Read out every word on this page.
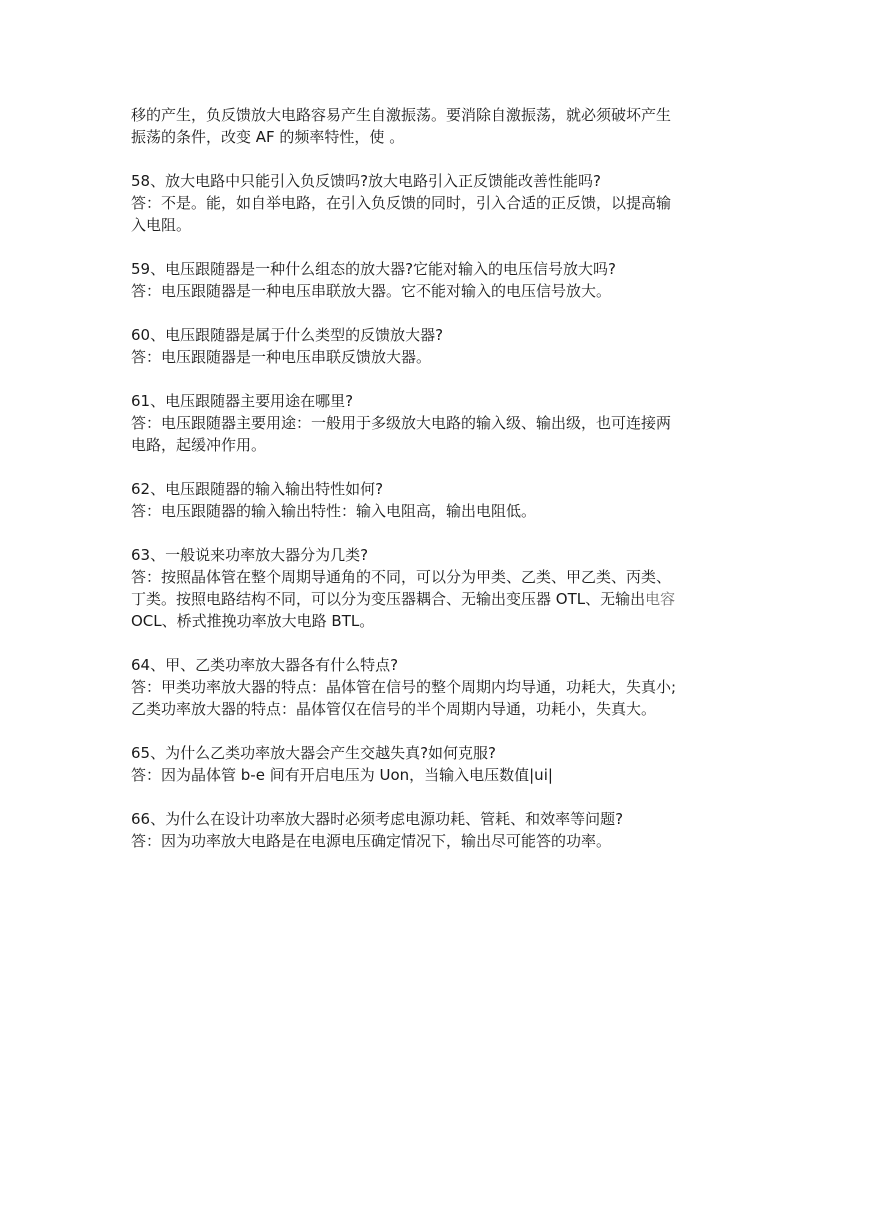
移的产生，负反馈放大电路容易产生自激振荡。要消除自激振荡，就必须破坏产生
振荡的条件，改变 AF 的频率特性，使 。
58、放大电路中只能引入负反馈吗?放大电路引入正反馈能改善性能吗?
答：不是。能，如自举电路，在引入负反馈的同时，引入合适的正反馈，以提高输
入电阻。
59、电压跟随器是一种什么组态的放大器?它能对输入的电压信号放大吗?
答：电压跟随器是一种电压串联放大器。它不能对输入的电压信号放大。
60、电压跟随器是属于什么类型的反馈放大器?
答：电压跟随器是一种电压串联反馈放大器。
61、电压跟随器主要用途在哪里?
答：电压跟随器主要用途：一般用于多级放大电路的输入级、输出级，也可连接两
电路，起缓冲作用。
62、电压跟随器的输入输出特性如何?
答：电压跟随器的输入输出特性：输入电阻高，输出电阻低。
63、一般说来功率放大器分为几类?
答：按照晶体管在整个周期导通角的不同，可以分为甲类、乙类、甲乙类、丙类、
丁类。按照电路结构不同，可以分为变压器耦合、无输出变压器 OTL、无输出电容
OCL、桥式推挽功率放大电路 BTL。
64、甲、乙类功率放大器各有什么特点?
答：甲类功率放大器的特点：晶体管在信号的整个周期内均导通，功耗大，失真小;
乙类功率放大器的特点：晶体管仅在信号的半个周期内导通，功耗小，失真大。
65、为什么乙类功率放大器会产生交越失真?如何克服?
答：因为晶体管 b-e 间有开启电压为 Uon，当输入电压数值|ui|
66、为什么在设计功率放大器时必须考虑电源功耗、管耗、和效率等问题?
答：因为功率放大电路是在电源电压确定情况下，输出尽可能答的功率。
